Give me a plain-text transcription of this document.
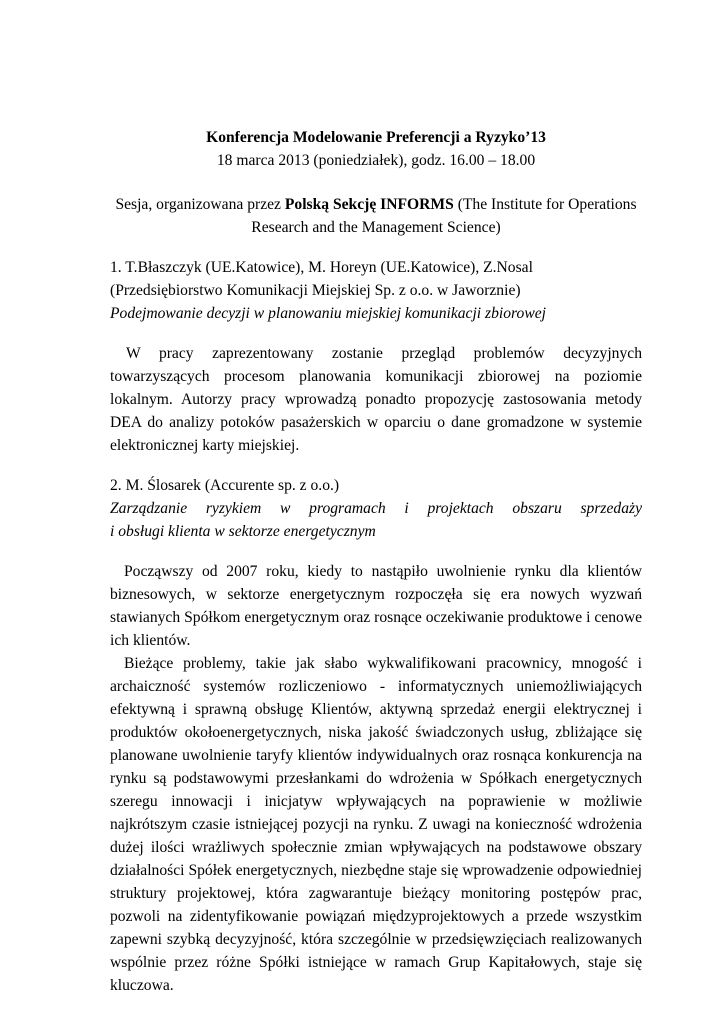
Konferencja Modelowanie Preferencji a Ryzyko’13

18 marca 2013 (poniedziałek), godz. 16.00 – 18.00

Sesja, organizowana przez Polską Sekcję INFORMS (The Institute for Operations Research and the Management Science)

1. T.Błaszczyk (UE.Katowice), M. Horeyn (UE.Katowice), Z.Nosal (Przedsiębiorstwo Komunikacji Miejskiej Sp. z o.o. w Jaworznie)

Podejmowanie decyzji w planowaniu miejskiej komunikacji zbiorowej

W pracy zaprezentowany zostanie przegląd problemów decyzyjnych towarzyszących procesom planowania komunikacji zbiorowej na poziomie lokalnym. Autorzy pracy wprowadzą ponadto propozycję zastosowania metody DEA do analizy potoków pasażerskich w oparciu o dane gromadzone w systemie elektronicznej karty miejskiej.

2. M. Ślosarek (Accurente sp. z o.o.)

Zarządzanie ryzykiem w programach i projektach obszaru sprzedaży

i obsługi klienta w sektorze energetycznym

Począwszy od 2007 roku, kiedy to nastąpiło uwolnienie rynku dla klientów biznesowych, w sektorze energetycznym rozpoczęła się era nowych wyzwań stawianych Spółkom energetycznym oraz rosnące oczekiwanie produktowe i cenowe ich klientów.

Bieżące problemy, takie jak słabo wykwalifikowani pracownicy, mnogość i archaiczność systemów rozliczeniowo - informatycznych uniemożliwiających efektywną i sprawną obsługę Klientów, aktywną sprzedaż energii elektrycznej i produktów okołoenergetycznych, niska jakość świadczonych usług, zbliżające się planowane uwolnienie taryfy klientów indywidualnych oraz rosnąca konkurencja na rynku są podstawowymi przesłankami do wdrożenia w Spółkach energetycznych szeregu innowacji i inicjatyw wpływających na poprawienie w możliwie najkrótszym czasie istniejącej pozycji na rynku. Z uwagi na konieczność wdrożenia dużej ilości wrażliwych społecznie zmian wpływających na podstawowe obszary działalności Spółek energetycznych, niezbędne staje się wprowadzenie odpowiedniej struktury projektowej, która zagwarantuje bieżący monitoring postępów prac, pozwoli na zidentyfikowanie powiązań międzyprojektowych a przede wszystkim zapewni szybką decyzyjność, która szczególnie w przedsięwzięciach realizowanych wspólnie przez różne Spółki istniejące w ramach Grup Kapitałowych, staje się kluczowa.
